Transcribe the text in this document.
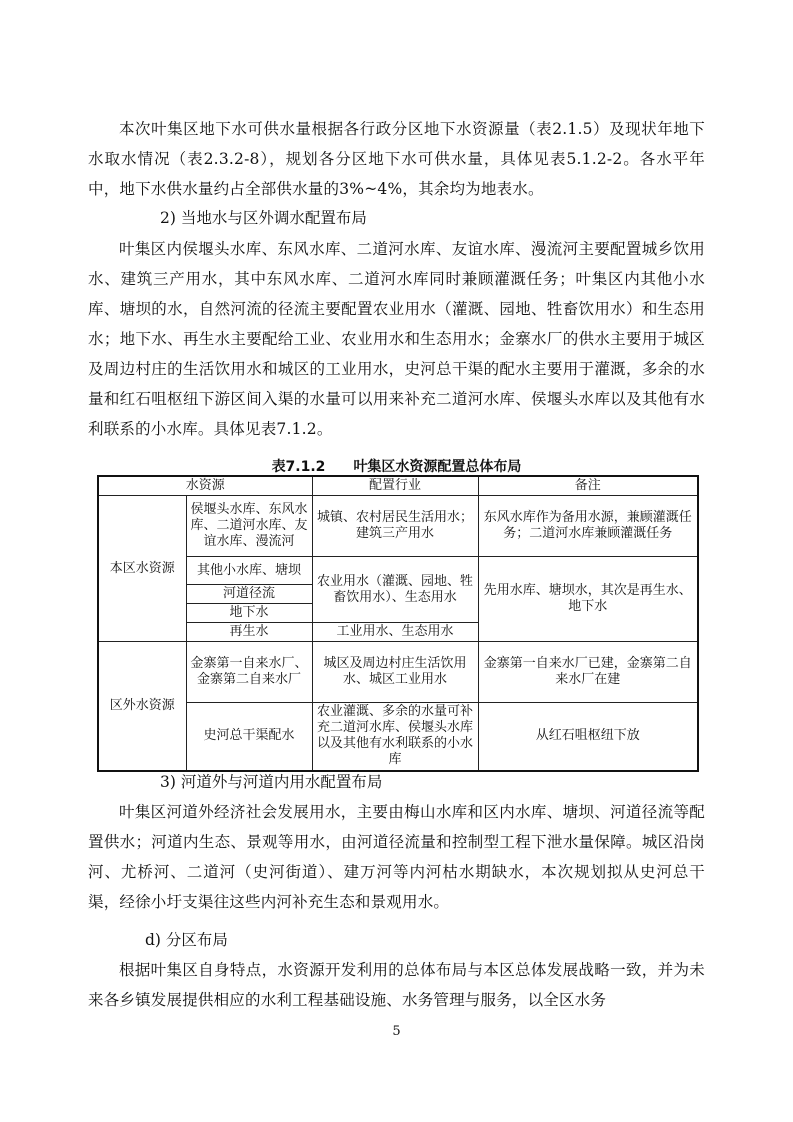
本次叶集区地下水可供水量根据各行政分区地下水资源量（表2.1.5）及现状年地下水取水情况（表2.3.2-8），规划各分区地下水可供水量，具体见表5.1.2-2。各水平年中，地下水供水量约占全部供水量的3%~4%，其余均为地表水。

2) 当地水与区外调水配置布局

叶集区内侯堰头水库、东风水库、二道河水库、友谊水库、漫流河主要配置城乡饮用水、建筑三产用水，其中东风水库、二道河水库同时兼顾灌溉任务；叶集区内其他小水库、塘坝的水，自然河流的径流主要配置农业用水（灌溉、园地、牲畜饮用水）和生态用水；地下水、再生水主要配给工业、农业用水和生态用水；金寨水厂的供水主要用于城区及周边村庄的生活饮用水和城区的工业用水，史河总干渠的配水主要用于灌溉，多余的水量和红石咀枢纽下游区间入渠的水量可以用来补充二道河水库、侯堰头水库以及其他有水利联系的小水库。具体见表7.1.2。

表7.1.2 叶集区水资源配置总体布局
水资源		配置行业	备注
本区水资源	侯堰头水库、东风水库、二道河水库、友谊水库、漫流河	城镇、农村居民生活用水；建筑三产用水	东风水库作为备用水源，兼顾灌溉任务；二道河水库兼顾灌溉任务
	其他小水库、塘坝	农业用水（灌溉、园地、牲畜饮用水）、生态用水	先用水库、塘坝水，其次是再生水、地下水
	河道径流		
	地下水		
	再生水	工业用水、生态用水	
区外水资源	金寨第一自来水厂、金寨第二自来水厂	城区及周边村庄生活饮用水、城区工业用水	金寨第一自来水厂已建，金寨第二自来水厂在建
	史河总干渠配水	农业灌溉、多余的水量可补充二道河水库、侯堰头水库以及其他有水利联系的小水库	从红石咀枢纽下放

3) 河道外与河道内用水配置布局

叶集区河道外经济社会发展用水，主要由梅山水库和区内水库、塘坝、河道径流等配置供水；河道内生态、景观等用水，由河道径流量和控制型工程下泄水量保障。城区沿岗河、尤桥河、二道河（史河街道）、建万河等内河枯水期缺水，本次规划拟从史河总干渠，经徐小圩支渠往这些内河补充生态和景观用水。

d) 分区布局

根据叶集区自身特点，水资源开发利用的总体布局与本区总体发展战略一致，并为未来各乡镇发展提供相应的水利工程基础设施、水务管理与服务，以全区水务

5
